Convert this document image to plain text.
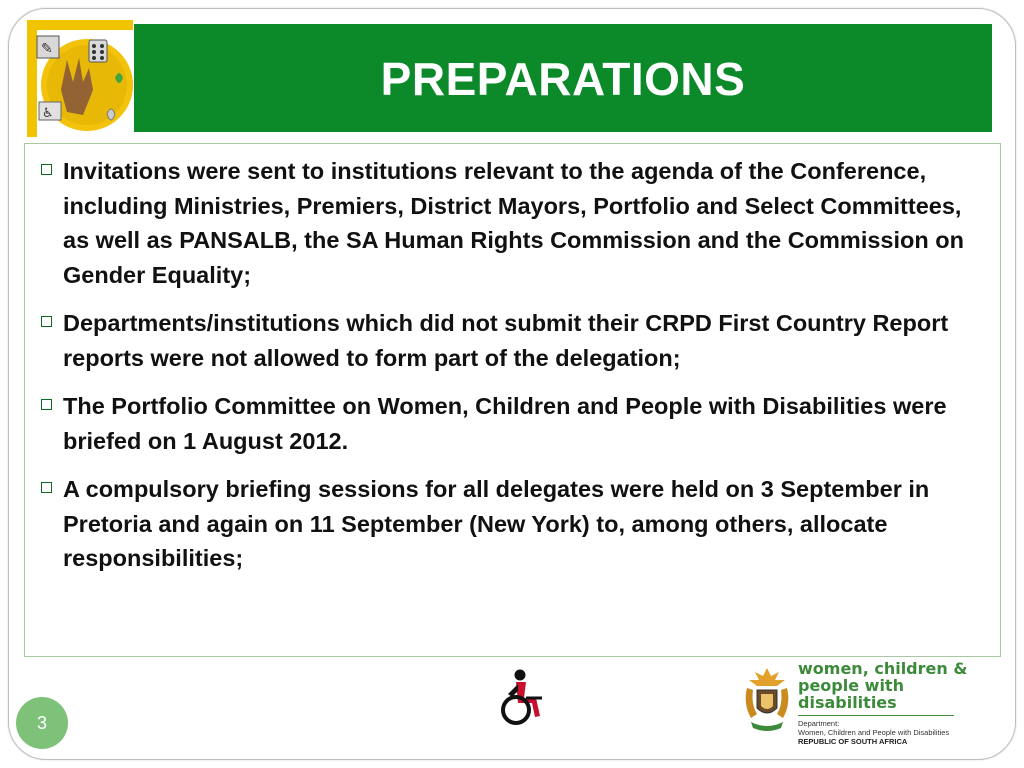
✎
♿
PREPARATIONS
Invitations were sent to institutions relevant to the agenda of the Conference, including Ministries, Premiers, District Mayors, Portfolio and Select Committees, as well as PANSALB, the SA Human Rights Commission and the Commission on Gender Equality;
Departments/institutions which did not submit their CRPD First Country Report reports were not allowed to form part of the delegation;
The Portfolio Committee on Women, Children and People with Disabilities were briefed on 1 August 2012.
A compulsory briefing sessions for all delegates were held on 3 September in Pretoria and again on 11 September (New York) to, among others, allocate responsibilities;
3
women, children &
people with disabilities
Department:
Women, Children and People with Disabilities
REPUBLIC OF SOUTH AFRICA
